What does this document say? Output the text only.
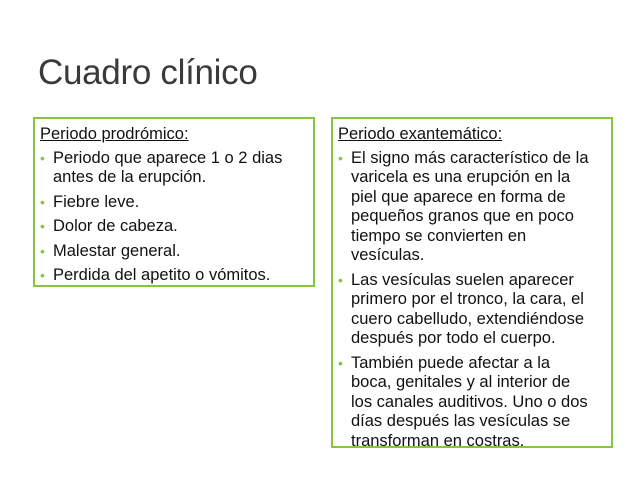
Cuadro clínico
Periodo prodrómico:
• Periodo que aparece 1 o 2 dias
antes de la erupción.
• Fiebre leve.
• Dolor de cabeza.
• Malestar general.
• Perdida del apetito o vómitos.
Periodo exantemático:
• El signo más característico de la
varicela es una erupción en la
piel que aparece en forma de
pequeños granos que en poco
tiempo se convierten en
vesículas.
• Las vesículas suelen aparecer
primero por el tronco, la cara, el
cuero cabelludo, extendiéndose
después por todo el cuerpo.
• También puede afectar a la
boca, genitales y al interior de
los canales auditivos. Uno o dos
días después las vesículas se
transforman en costras.
